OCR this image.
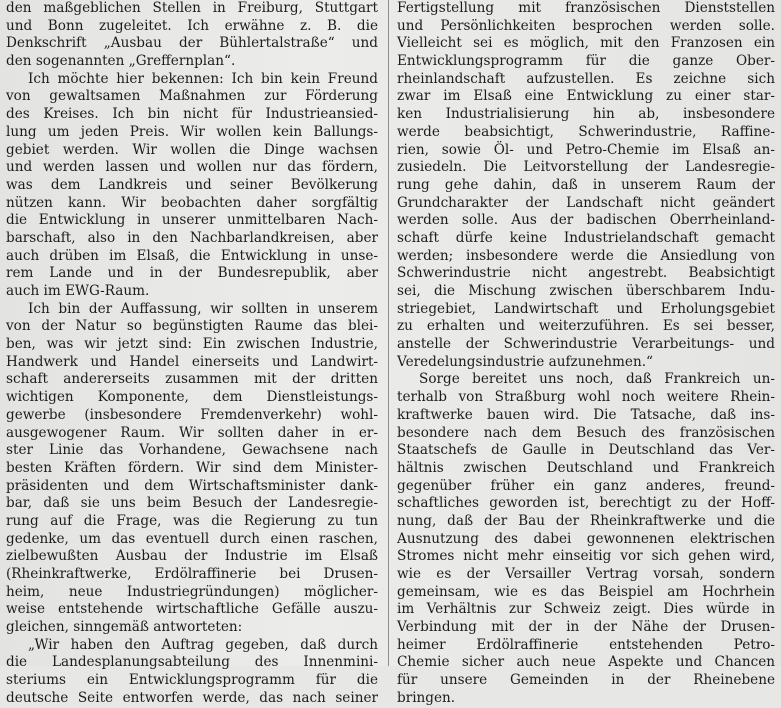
den maßgeblichen Stellen in Freiburg, Stuttgart
und Bonn zugeleitet. Ich erwähne z. B. die
Denkschrift „Ausbau der Bühlertalstraße“ und
den sogenannten „Greffernplan“.
Ich möchte hier bekennen: Ich bin kein Freund
von gewaltsamen Maßnahmen zur Förderung
des Kreises. Ich bin nicht für Industrieansied-
lung um jeden Preis. Wir wollen kein Ballungs-
gebiet werden. Wir wollen die Dinge wachsen
und werden lassen und wollen nur das fördern,
was dem Landkreis und seiner Bevölkerung
nützen kann. Wir beobachten daher sorgfältig
die Entwicklung in unserer unmittelbaren Nach-
barschaft, also in den Nachbarlandkreisen, aber
auch drüben im Elsaß, die Entwicklung in unse-
rem Lande und in der Bundesrepublik, aber
auch im EWG-Raum.
Ich bin der Auffassung, wir sollten in unserem
von der Natur so begünstigten Raume das blei-
ben, was wir jetzt sind: Ein zwischen Industrie,
Handwerk und Handel einerseits und Landwirt-
schaft andererseits zusammen mit der dritten
wichtigen Komponente, dem Dienstleistungs-
gewerbe (insbesondere Fremdenverkehr) wohl-
ausgewogener Raum. Wir sollten daher in er-
ster Linie das Vorhandene, Gewachsene nach
besten Kräften fördern. Wir sind dem Minister-
präsidenten und dem Wirtschaftsminister dank-
bar, daß sie uns beim Besuch der Landesregie-
rung auf die Frage, was die Regierung zu tun
gedenke, um das eventuell durch einen raschen,
zielbewußten Ausbau der Industrie im Elsaß
(Rheinkraftwerke, Erdölraffinerie bei Drusen-
heim, neue Industriegründungen) möglicher-
weise entstehende wirtschaftliche Gefälle auszu-
gleichen, sinngemäß antworteten:
„Wir haben den Auftrag gegeben, daß durch
die Landesplanungsabteilung des Innenmini-
steriums ein Entwicklungsprogramm für die
deutsche Seite entworfen werde, das nach seiner
Fertigstellung mit französischen Dienststellen
und Persönlichkeiten besprochen werden solle.
Vielleicht sei es möglich, mit den Franzosen ein
Entwicklungsprogramm für die ganze Ober-
rheinlandschaft aufzustellen. Es zeichne sich
zwar im Elsaß eine Entwicklung zu einer star-
ken Industrialisierung hin ab, insbesondere
werde beabsichtigt, Schwerindustrie, Raffine-
rien, sowie Öl- und Petro-Chemie im Elsaß an-
zusiedeln. Die Leitvorstellung der Landesregie-
rung gehe dahin, daß in unserem Raum der
Grundcharakter der Landschaft nicht geändert
werden solle. Aus der badischen Oberrheinland-
schaft dürfe keine Industrielandschaft gemacht
werden; insbesondere werde die Ansiedlung von
Schwerindustrie nicht angestrebt. Beabsichtigt
sei, die Mischung zwischen überschbarem Indu-
striegebiet, Landwirtschaft und Erholungsgebiet
zu erhalten und weiterzuführen. Es sei besser,
anstelle der Schwerindustrie Verarbeitungs- und
Veredelungsindustrie aufzunehmen.“
Sorge bereitet uns noch, daß Frankreich un-
terhalb von Straßburg wohl noch weitere Rhein-
kraftwerke bauen wird. Die Tatsache, daß ins-
besondere nach dem Besuch des französischen
Staatschefs de Gaulle in Deutschland das Ver-
hältnis zwischen Deutschland und Frankreich
gegenüber früher ein ganz anderes, freund-
schaftliches geworden ist, berechtigt zu der Hoff-
nung, daß der Bau der Rheinkraftwerke und die
Ausnutzung des dabei gewonnenen elektrischen
Stromes nicht mehr einseitig vor sich gehen wird,
wie es der Versailler Vertrag vorsah, sondern
gemeinsam, wie es das Beispiel am Hochrhein
im Verhältnis zur Schweiz zeigt. Dies würde in
Verbindung mit der in der Nähe der Drusen-
heimer Erdölraffinerie entstehenden Petro-
Chemie sicher auch neue Aspekte und Chancen
für unsere Gemeinden in der Rheinebene
bringen.
